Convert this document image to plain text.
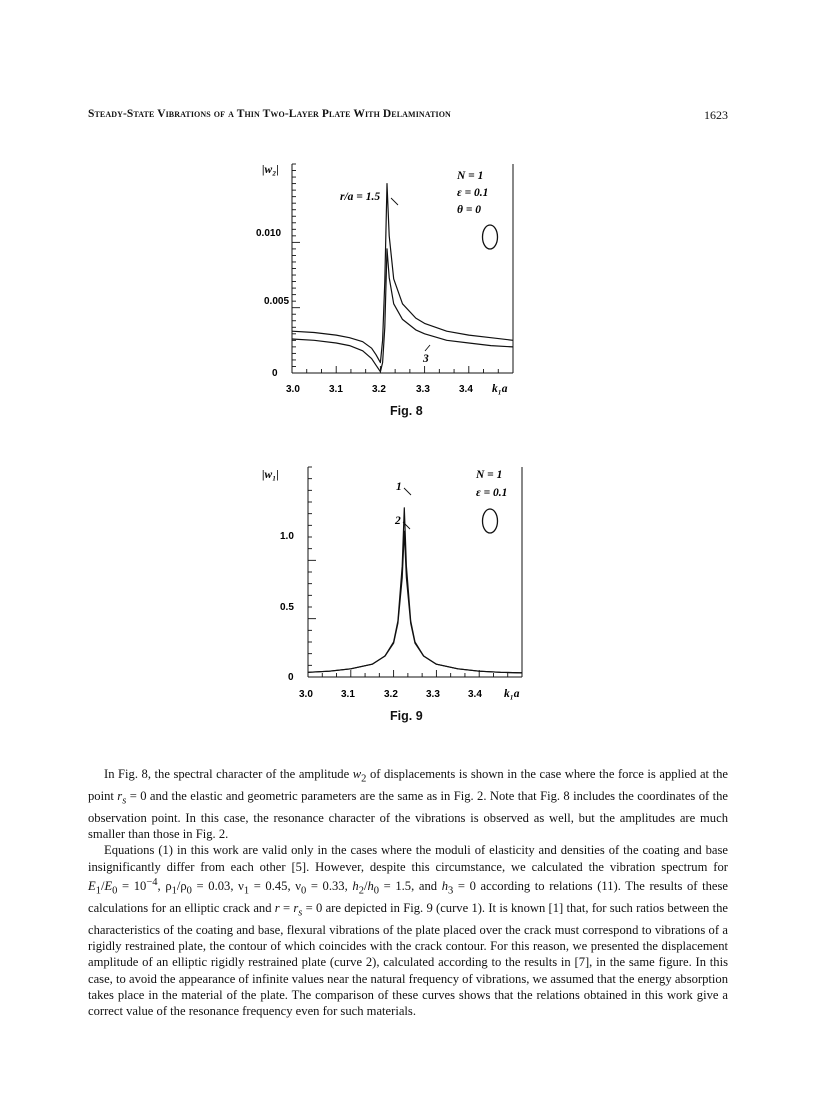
Steady-State Vibrations of a Thin Two-Layer Plate With Delamination	1623
|w₂|
0.010
0.005
0
3.0	3.1	3.2	3.3	3.4 k₁a
N = 1
ε = 0.1
θ = 0
r/a = 1.5
3
Fig. 8
|w₁|
1.0
0.5
0
3.0	3.1	3.2	3.3	3.4 k₁a
N = 1
ε = 0.1
1
2
Fig. 9

In Fig. 8, the spectral character of the amplitude $w_2$ of displacements is shown in the case where the force is applied at the point $r_s = 0$ and the elastic and geometric parameters are the same as in Fig. 2. Note that Fig. 8 includes the coordinates of the observation point. In this case, the resonance character of the vibrations is observed as well, but the amplitudes are much smaller than those in Fig. 2.

Equations (1) in this work are valid only in the cases where the moduli of elasticity and densities of the coating and base insignificantly differ from each other [5]. However, despite this circumstance, we calculated the vibration spectrum for $E_1/E_0 = 10^{-4}$, $\rho_1/\rho_0 = 0.03$, $\nu_1 = 0.45$, $\nu_0 = 0.33$, $h_2/h_0 = 1.5$, and $h_3 = 0$ according to relations (11). The results of these calculations for an elliptic crack and $r = r_s = 0$ are depicted in Fig. 9 (curve 1). It is known [1] that, for such ratios between the characteristics of the coating and base, flexural vibrations of the plate placed over the crack must correspond to vibrations of a rigidly restrained plate, the contour of which coincides with the crack contour. For this reason, we presented the displacement amplitude of an elliptic rigidly restrained plate (curve 2), calculated according to the results in [7], in the same figure. In this case, to avoid the appearance of infinite values near the natural frequency of vibrations, we assumed that the energy absorption takes place in the material of the plate. The comparison of these curves shows that the relations obtained in this work give a correct value of the resonance frequency even for such materials.
